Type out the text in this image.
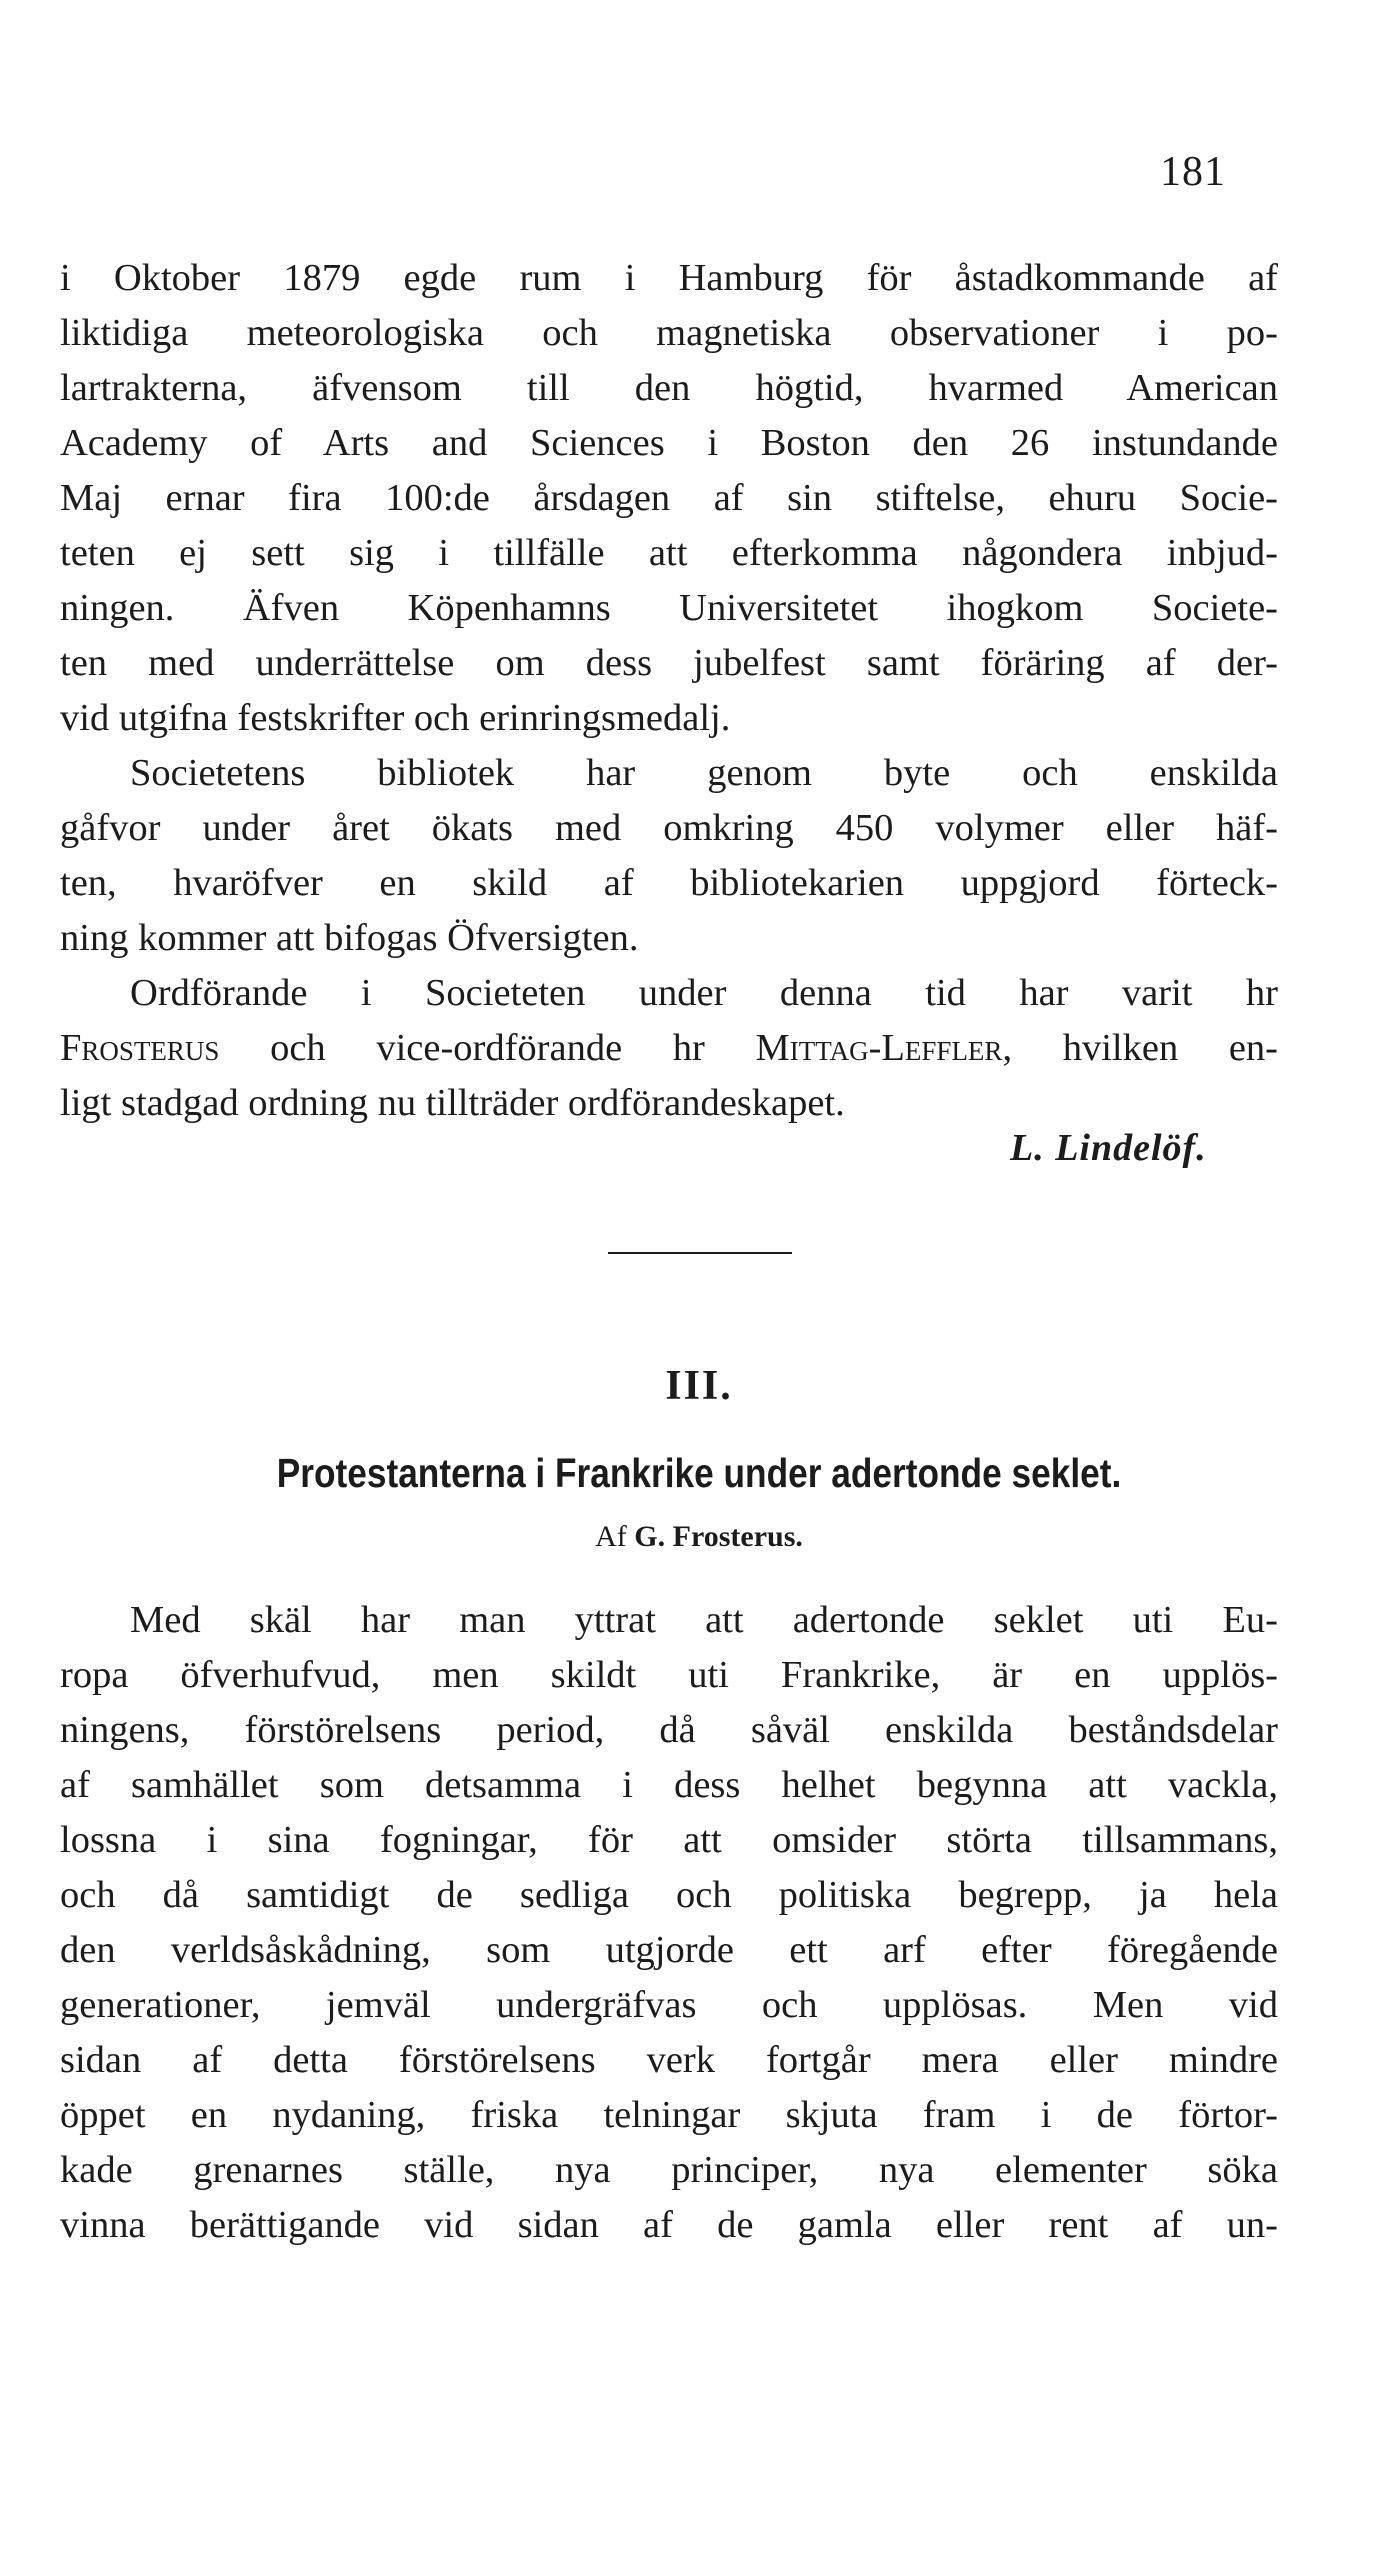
181
i Oktober 1879 egde rum i Hamburg för åstadkommande af
liktidiga meteorologiska och magnetiska observationer i po-
lartrakterna, äfvensom till den högtid, hvarmed American
Academy of Arts and Sciences i Boston den 26 instundande
Maj ernar fira 100:de årsdagen af sin stiftelse, ehuru Socie-
teten ej sett sig i tillfälle att efterkomma någondera inbjud-
ningen. Äfven Köpenhamns Universitetet ihogkom Societe-
ten med underrättelse om dess jubelfest samt föräring af der-
vid utgifna festskrifter och erinringsmedalj.
Societetens bibliotek har genom byte och enskilda
gåfvor under året ökats med omkring 450 volymer eller häf-
ten, hvaröfver en skild af bibliotekarien uppgjord förteck-
ning kommer att bifogas Öfversigten.
Ordförande i Societeten under denna tid har varit hr
Frosterus och vice-ordförande hr Mittag-Leffler , hvilken en-
ligt stadgad ordning nu tillträder ordförandeskapet.
L. Lindelöf.
III.
Protestanterna i Frankrike under adertonde seklet.
Af G. Frosterus.
Med skäl har man yttrat att adertonde seklet uti Eu-
ropa öfverhufvud, men skildt uti Frankrike, är en upplös-
ningens, förstörelsens period, då såväl enskilda beståndsdelar
af samhället som detsamma i dess helhet begynna att vackla,
lossna i sina fogningar, för att omsider störta tillsammans,
och då samtidigt de sedliga och politiska begrepp, ja hela
den verldsåskådning, som utgjorde ett arf efter föregående
generationer, jemväl undergräfvas och upplösas. Men vid
sidan af detta förstörelsens verk fortgår mera eller mindre
öppet en nydaning, friska telningar skjuta fram i de förtor-
kade grenarnes ställe, nya principer, nya elementer söka
vinna berättigande vid sidan af de gamla eller rent af un-
